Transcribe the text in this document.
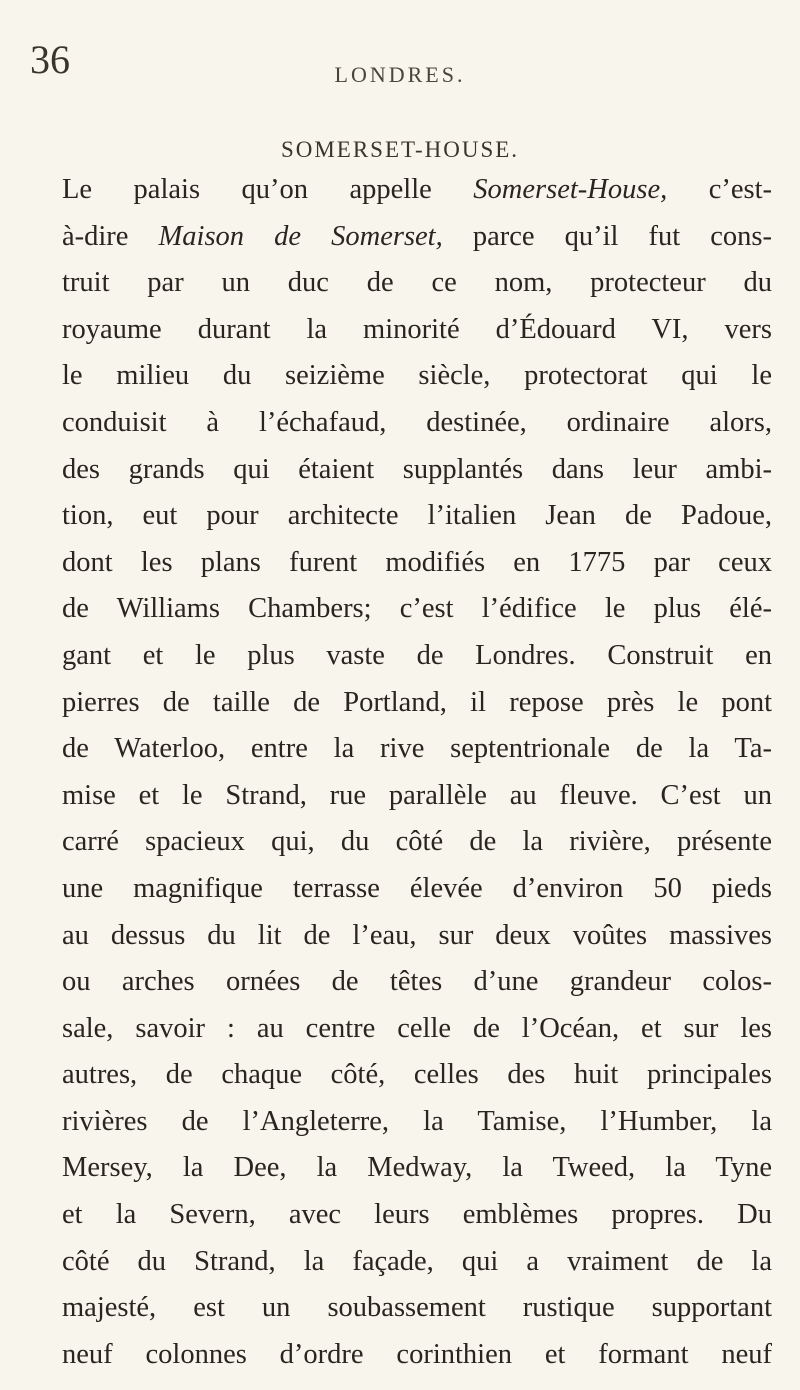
36	LONDRES.
SOMERSET-HOUSE.
Le palais qu’on appelle Somerset-House, c’est-
à-dire Maison de Somerset, parce qu’il fut cons-
truit par un duc de ce nom, protecteur du
royaume durant la minorité d’Édouard VI, vers
le milieu du seizième siècle, protectorat qui le
conduisit à l’échafaud, destinée, ordinaire alors,
des grands qui étaient supplantés dans leur ambi-
tion, eut pour architecte l’italien Jean de Padoue,
dont les plans furent modifiés en 1775 par ceux
de Williams Chambers; c’est l’édifice le plus élé-
gant et le plus vaste de Londres. Construit en
pierres de taille de Portland, il repose près le pont
de Waterloo, entre la rive septentrionale de la Ta-
mise et le Strand, rue parallèle au fleuve. C’est un
carré spacieux qui, du côté de la rivière, présente
une magnifique terrasse élevée d’environ 50 pieds
au dessus du lit de l’eau, sur deux voûtes massives
ou arches ornées de têtes d’une grandeur colos-
sale, savoir : au centre celle de l’Océan, et sur les
autres, de chaque côté, celles des huit principales
rivières de l’Angleterre, la Tamise, l’Humber, la
Mersey, la Dee, la Medway, la Tweed, la Tyne
et la Severn, avec leurs emblèmes propres. Du
côté du Strand, la façade, qui a vraiment de la
majesté, est un soubassement rustique supportant
neuf colonnes d’ordre corinthien et formant neuf
